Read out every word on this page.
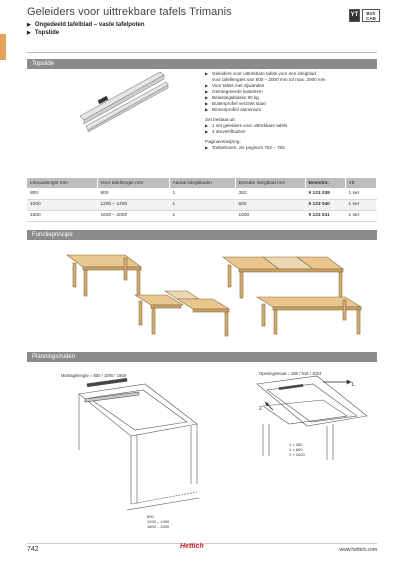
Geleiders voor uittrekbare tafels Trimanis
▶ Ongedeeld tafelblad – vaste tafelpoten
▶ Topslide
YT	Bnfr
CAB
Topslide
▶ Geleiders voor uittrekbare tafels voor een inlegblad
voor tafellengtes van 800 – 2000 mm tot max. 2000 mm
▶ Voor tafels met zijwanden
▶ Geïntegreerde kastelrem
▶ Belastingsklasse 90 kg
▶ Buitenprofiel verzinkt staal
▶ Binnenprofiel aluminium
Set bestaat uit:
▶ 1 set geleiders voor uittrekbare tafels
▶ 4 drevelsfhulzen
Paginaverwijzing:
▶ Toebehoren, zie pagina's 752 – 755
Inbouwlengte mm	Voor tafellengte mm	Aantal inlegbladen	Breedte inlegblad mm	Bestelnr.	VE
800	800	1	350	9 133 039	1 set
1000	1200 – 1400	1	600	9 133 040	1 set
1500	1600 – 2000	1	1000	9 133 041	1 set
Functieprincipe
Planningsmaten
Montagelengte = 800 / 1000 / 1500	Openingsmaat = 286 / 616 / 1024
800
1200 – 1400
1600 – 2000
1 × 350
1 × 600
1 × 1000
1.
2.
742	Hettich	www.hettich.com
